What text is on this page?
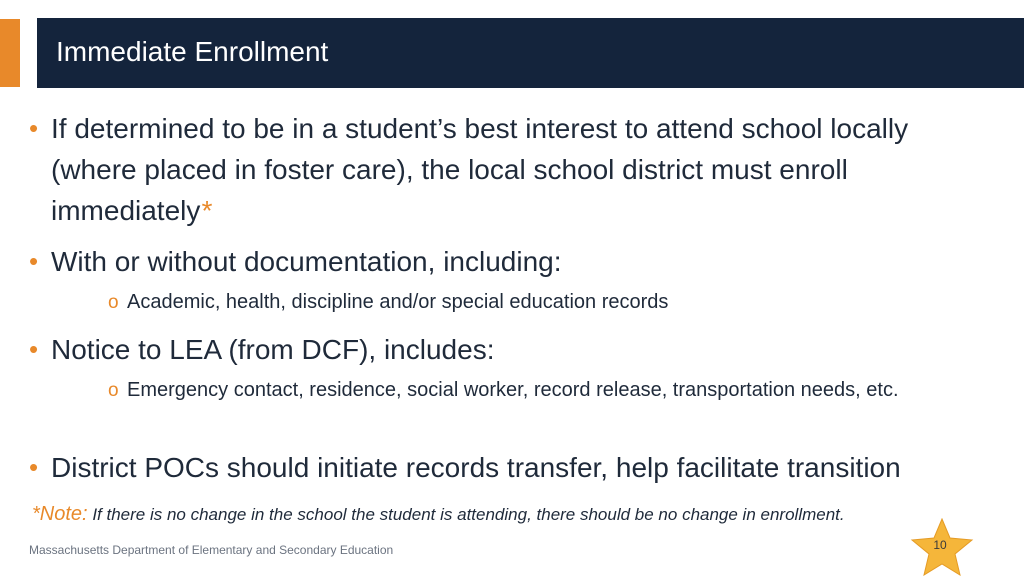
Immediate Enrollment
• If determined to be in a student’s best interest to attend school locally (where placed in foster care), the local school district must enroll immediately*
• With or without documentation, including:
o Academic, health, discipline and/or special education records
• Notice to LEA (from DCF), includes:
o Emergency contact, residence, social worker, record release, transportation needs, etc.
• District POCs should initiate records transfer, help facilitate transition
*Note: If there is no change in the school the student is attending, there should be no change in enrollment.
Massachusetts Department of Elementary and Secondary Education	10
